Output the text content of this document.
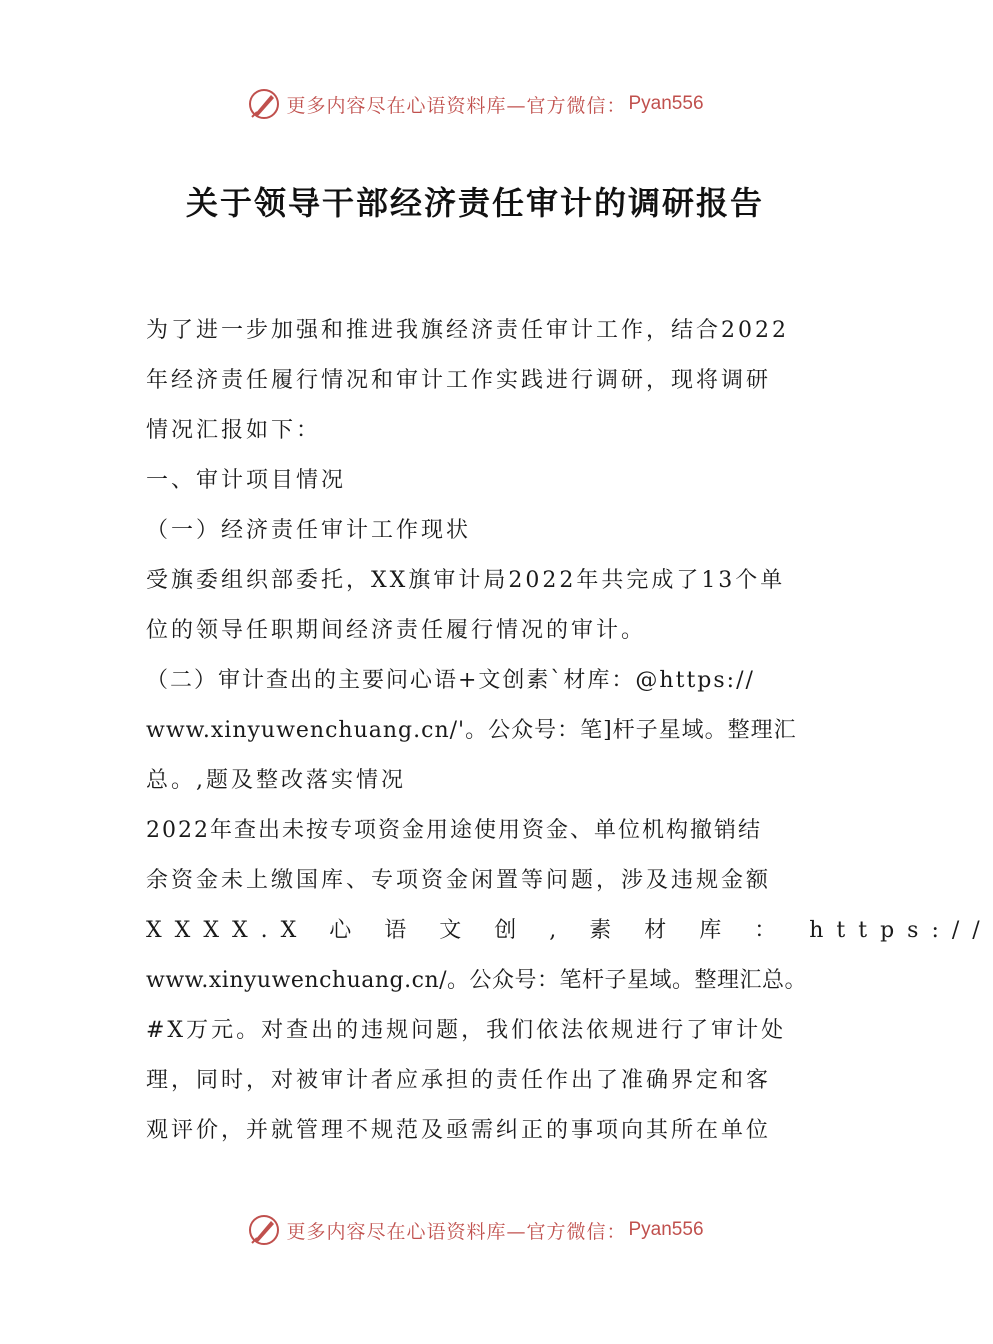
更多内容尽在心语资料库—官方微信： Pyan556
关于领导干部经济责任审计的调研报告
为了进一步加强和推进我旗经济责任审计工作，结合2022
年经济责任履行情况和审计工作实践进行调研，现将调研
情况汇报如下：
一、审计项目情况
（一）经济责任审计工作现状
受旗委组织部委托，XX旗审计局2022年共完成了13个单
位的领导任职期间经济责任履行情况的审计。
（二）审计查出的主要问心语+文创素`材库：@https://
www.xinyuwenchuang.cn/'。公众号：笔]杆子星域。整理汇
总。,题及整改落实情况
2022年查出未按专项资金用途使用资金、单位机构撤销结
余资金未上缴国库、专项资金闲置等问题，涉及违规金额
XXXX.X 心 语 文 创 , 素 材 库 ： https://
www.xinyuwenchuang.cn/。公众号：笔杆子星域。整理汇总。
#X万元。对查出的违规问题，我们依法依规进行了审计处
理，同时，对被审计者应承担的责任作出了准确界定和客
观评价，并就管理不规范及亟需纠正的事项向其所在单位
更多内容尽在心语资料库—官方微信： Pyan556
